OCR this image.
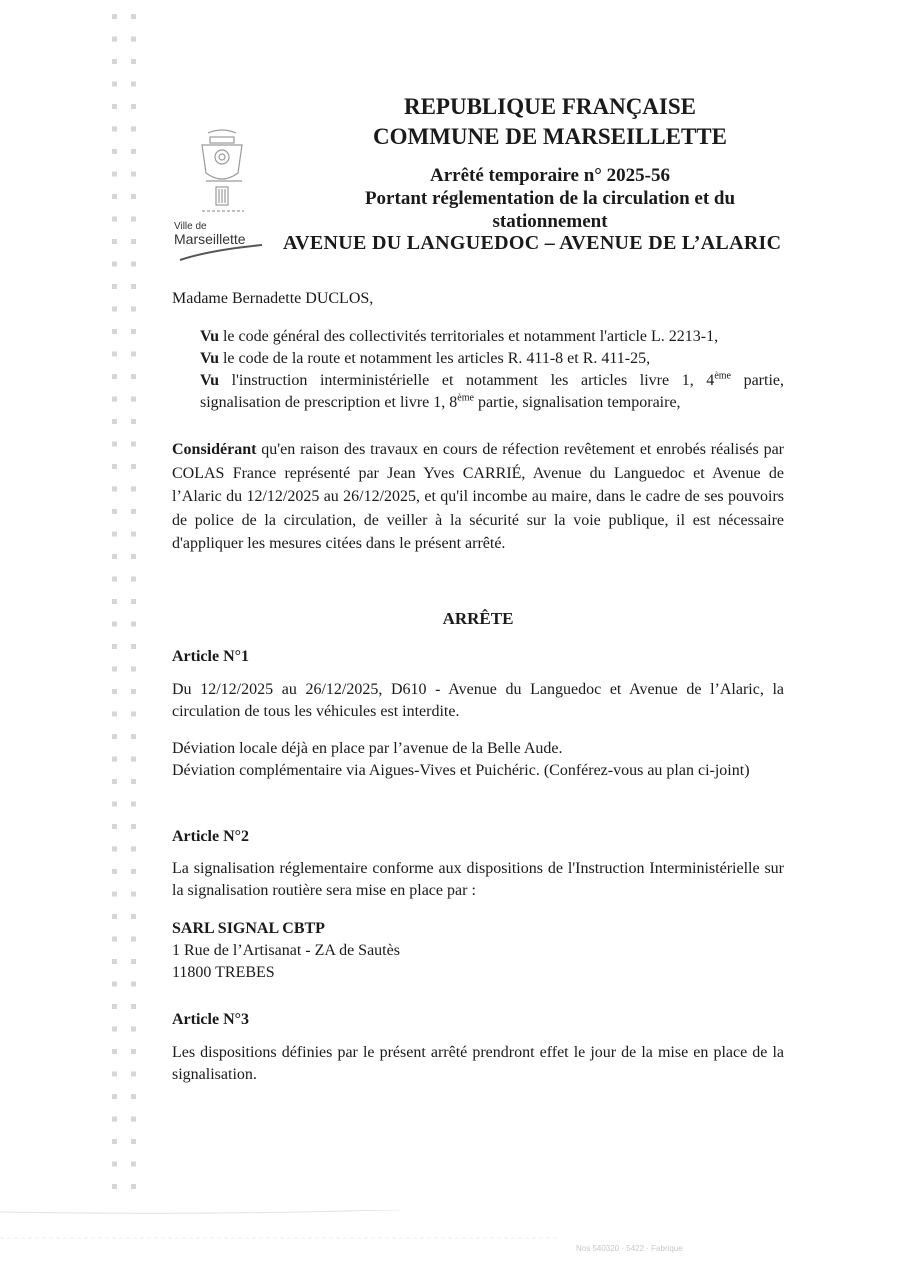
Ville de
Marseillette
REPUBLIQUE FRANÇAISE
COMMUNE DE MARSEILLETTE
Arrêté temporaire n° 2025-56
Portant réglementation de la circulation et du
stationnement
AVENUE DU LANGUEDOC – AVENUE DE L’ALARIC
Madame Bernadette DUCLOS,
Vu le code général des collectivités territoriales et notamment l'article L. 2213-1,
Vu le code de la route et notamment les articles R. 411-8 et R. 411-25,
Vu l'instruction interministérielle et notamment les articles livre 1, 4ème partie,
signalisation de prescription et livre 1, 8ème partie, signalisation temporaire,
Considérant qu'en raison des travaux en cours de réfection revêtement et enrobés réalisés par COLAS France représenté par Jean Yves CARRIÉ, Avenue du Languedoc et Avenue de l’Alaric du 12/12/2025 au 26/12/2025, et qu'il incombe au maire, dans le cadre de ses pouvoirs de police de la circulation, de veiller à la sécurité sur la voie publique, il est nécessaire d'appliquer les mesures citées dans le présent arrêté.
ARRÊTE
Article N°1
Du 12/12/2025 au 26/12/2025, D610 - Avenue du Languedoc et Avenue de l’Alaric, la circulation de tous les véhicules est interdite.
Déviation locale déjà en place par l’avenue de la Belle Aude.
Déviation complémentaire via Aigues-Vives et Puichéric. (Conférez-vous au plan ci-joint)
Article N°2
La signalisation réglementaire conforme aux dispositions de l'Instruction Interministérielle sur la signalisation routière sera mise en place par :
SARL SIGNAL CBTP
1 Rue de l’Artisanat - ZA de Sautès
11800 TREBES
Article N°3
Les dispositions définies par le présent arrêté prendront effet le jour de la mise en place de la signalisation.
Nos 540320 · 5422 · Fabrique
